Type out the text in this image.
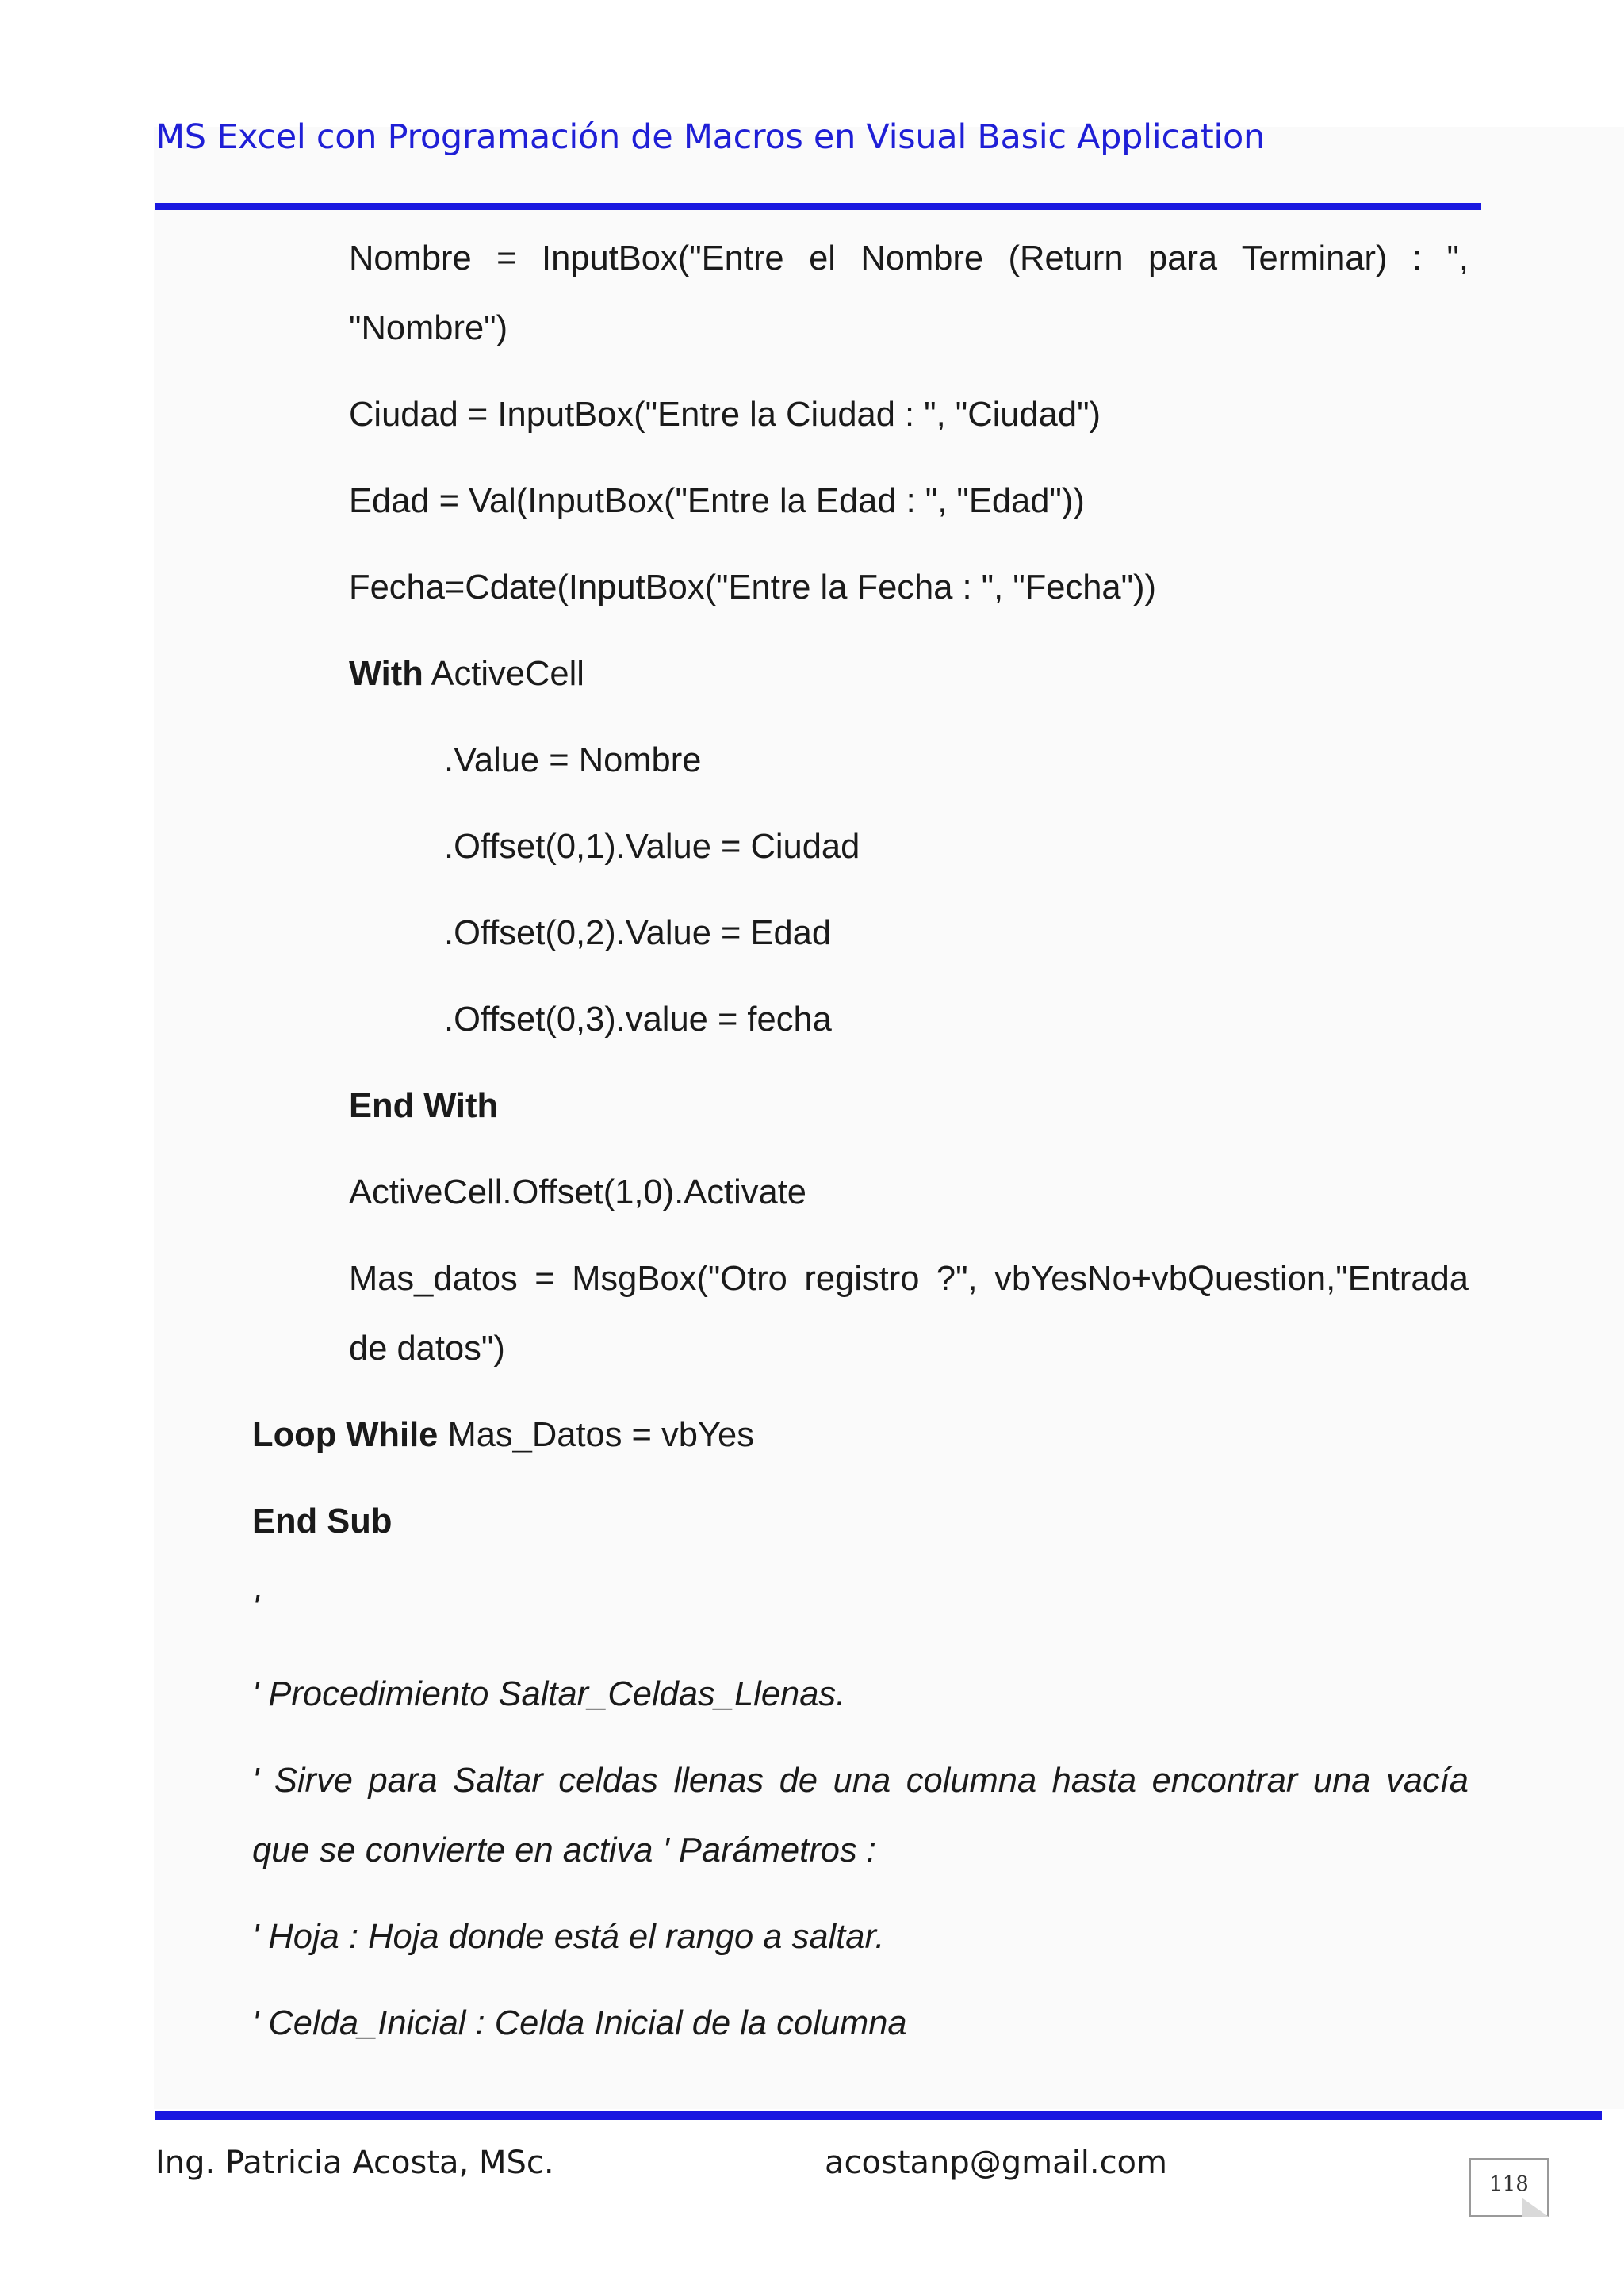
MS Excel con Programación de Macros en Visual Basic Application
Nombre = InputBox("Entre el Nombre (Return para Terminar) : ",
"Nombre")
Ciudad = InputBox("Entre la Ciudad : ", "Ciudad")
Edad = Val(InputBox("Entre la Edad : ", "Edad"))
Fecha=Cdate(InputBox("Entre la Fecha : ", "Fecha"))
With ActiveCell
.Value = Nombre
.Offset(0,1).Value = Ciudad
.Offset(0,2).Value = Edad
.Offset(0,3).value = fecha
End With
ActiveCell.Offset(1,0).Activate
Mas_datos = MsgBox("Otro registro ?", vbYesNo+vbQuestion,"Entrada
de datos")
Loop While Mas_Datos = vbYes
End Sub
'
' Procedimiento Saltar_Celdas_Llenas.
' Sirve para Saltar celdas llenas de una columna hasta encontrar una vacía
que se convierte en activa ' Parámetros :
' Hoja : Hoja donde está el rango a saltar.
' Celda_Inicial : Celda Inicial de la columna
Ing. Patricia Acosta, MSc.	acostanp@gmail.com
118
